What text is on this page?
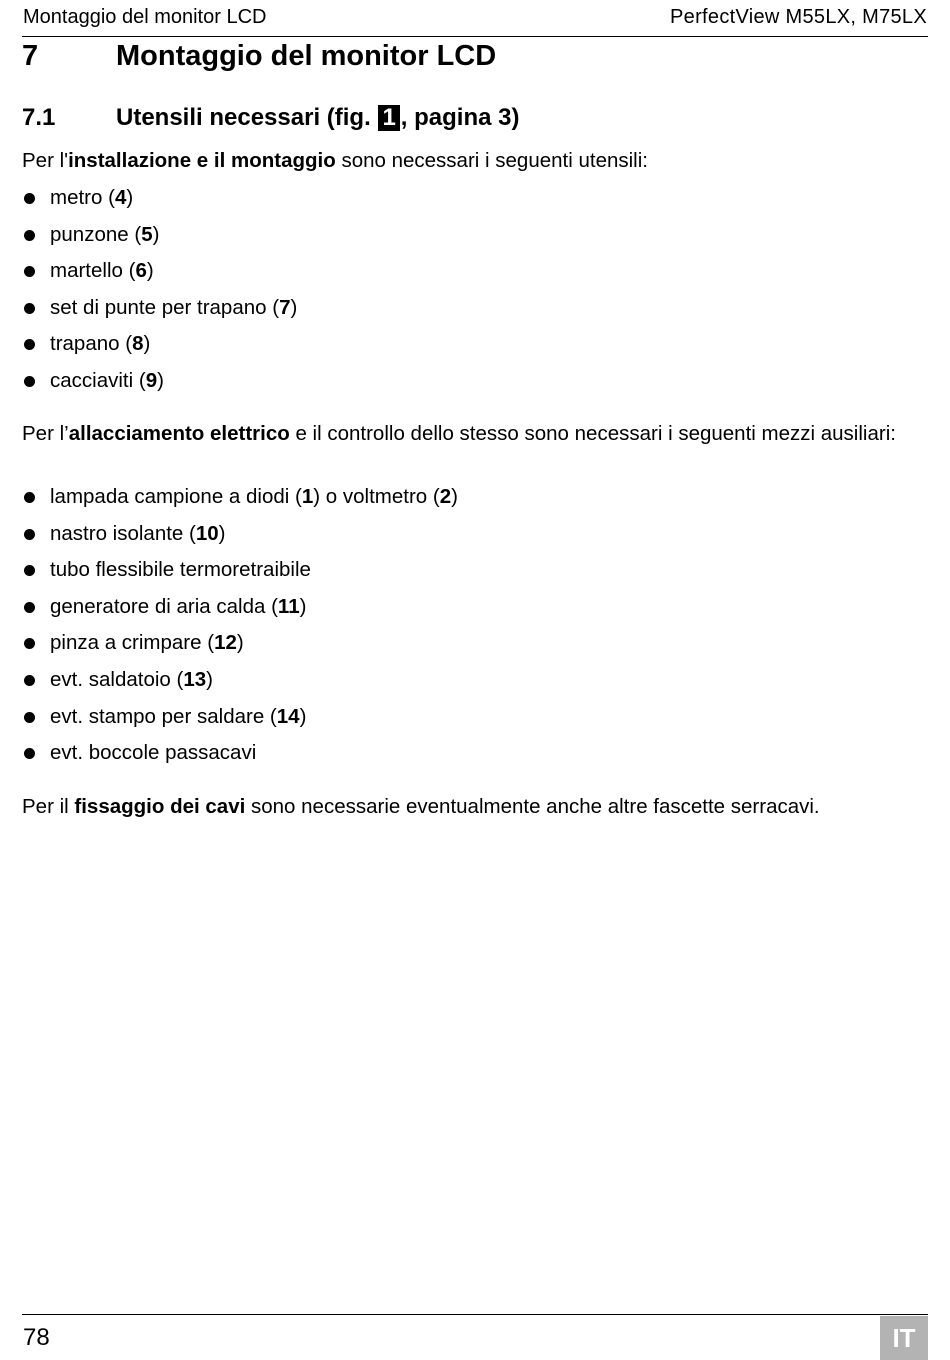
Montaggio del monitor LCD	PerfectView M55LX, M75LX
7	Montaggio del monitor LCD
7.1	Utensili necessari (fig. 1 , pagina 3)
Per l'installazione e il montaggio sono necessari i seguenti utensili:
metro (4)
punzone (5)
martello (6)
set di punte per trapano (7)
trapano (8)
cacciaviti (9)
Per l’allacciamento elettrico e il controllo dello stesso sono necessari i seguenti mezzi ausiliari:
lampada campione a diodi (1) o voltmetro (2)
nastro isolante (10)
tubo flessibile termoretraibile
generatore di aria calda (11)
pinza a crimpare (12)
evt. saldatoio (13)
evt. stampo per saldare (14)
evt. boccole passacavi
Per il fissaggio dei cavi sono necessarie eventualmente anche altre fascette serracavi.
78	IT
